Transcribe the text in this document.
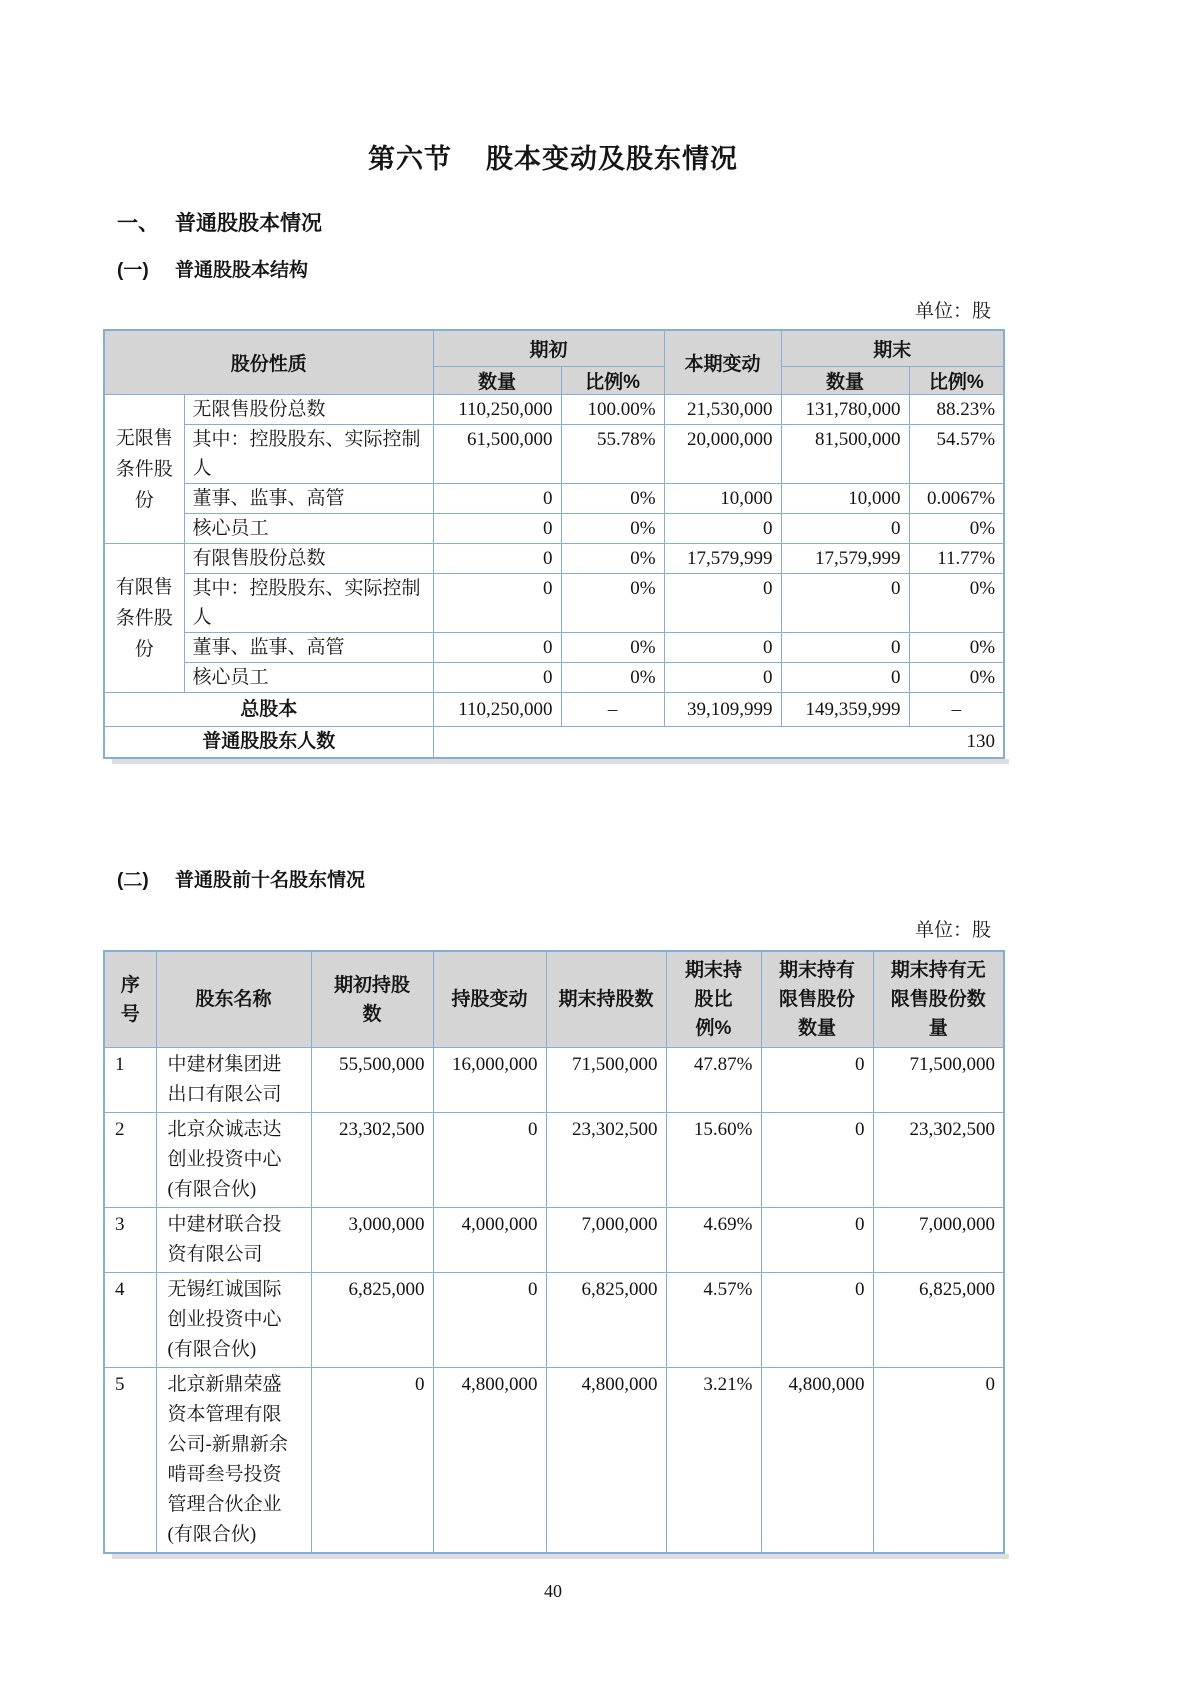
第六节 股本变动及股东情况
一、 普通股股本情况
(一) 普通股股本结构
单位：股
股份性质		期初		本期变动	期末	
		数量	比例%		数量	比例%
无限售条件股份	无限售股份总数	110,250,000	100.00%	21,530,000	131,780,000	88.23%
	其中：控股股东、实际控制人	61,500,000	55.78%	20,000,000	81,500,000	54.57%
	董事、监事、高管	0	0%	10,000	10,000	0.0067%
	核心员工	0	0%	0	0	0%
有限售条件股份	有限售股份总数	0	0%	17,579,999	17,579,999	11.77%
	其中：控股股东、实际控制人	0	0%	0	0	0%
	董事、监事、高管	0	0%	0	0	0%
	核心员工	0	0%	0	0	0%
总股本		110,250,000	–	39,109,999	149,359,999	–
普通股股东人数		130				
(二) 普通股前十名股东情况
单位：股
序号	股东名称	期初持股数	持股变动	期末持股数	期末持股比例%	期末持有限售股份数量	期末持有无限售股份数量
1	中建材集团进出口有限公司	55,500,000	16,000,000	71,500,000	47.87%	0	71,500,000
2	北京众诚志达创业投资中心(有限合伙)	23,302,500	0	23,302,500	15.60%	0	23,302,500
3	中建材联合投资有限公司	3,000,000	4,000,000	7,000,000	4.69%	0	7,000,000
4	无锡红诚国际创业投资中心(有限合伙)	6,825,000	0	6,825,000	4.57%	0	6,825,000
5	北京新鼎荣盛资本管理有限公司-新鼎新余啃哥叁号投资管理合伙企业(有限合伙)	0	4,800,000	4,800,000	3.21%	4,800,000	0
40
